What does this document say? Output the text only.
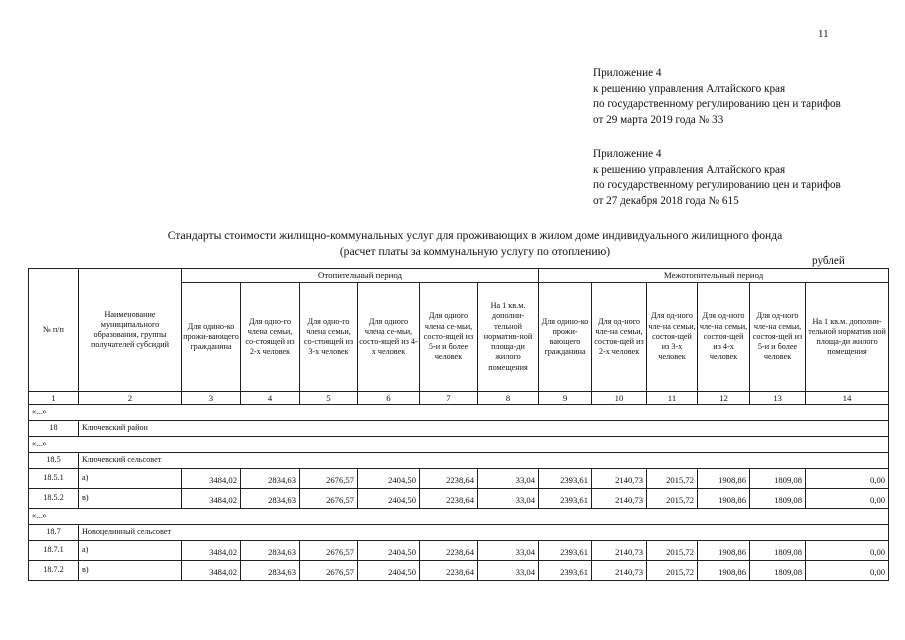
11
Приложение 4
к решению управления Алтайского края
по государственному регулированию цен и тарифов
от 29 марта 2019 года № 33
Приложение 4
к решению управления Алтайского края
по государственному регулированию цен и тарифов
от 27 декабря 2018 года № 615
Стандарты стоимости жилищно-коммунальных услуг для проживающих в жилом доме индивидуального жилищного фонда
(расчет платы за коммунальную услугу по отоплению)
рублей
№ п/п	Наименование муниципального образования, группы получателей субсидий	Отопительный период						Межотопительный период					
		Для одино-ко прожи-вающего гражданина	Для одно-го члена семьи, со-стоящей из 2-х человек	Для одно-го члена семьи, со-стоящей из 3-х человек	Для одного члена се-мьи, состо-ящей из 4-х человек	Для одного члена се-мьи, состо-ящей из 5-и и более человек	На 1 кв.м. дополни-тельной норматив-ной площа-ди жилого помещения	Для одино-ко прожи-вающего гражданина	Для од-ного чле-на семьи, состоя-щей из 2-х человек	Для од-ного чле-на семьи, состоя-щей из 3-х человек	Для од-ного чле-на семьи, состоя-щей из 4-х человек	Для од-ного чле-на семьи, состоя-щей из 5-и и более человек	На 1 кв.м. дополни-тельной норматив ной площа-ди жилого помещения
1	2	3	4	5	6	7	8	9	10	11	12	13	14
«...»													
18	Ключевский район												
«...»													
18.5	Ключевский сельсовет												
18.5.1	а)	3484,02	2834,63	2676,57	2404,50	2238,64	33,04	2393,61	2140,73	2015,72	1908,86	1809,08	0,00
18.5.2	в)	3484,02	2834,63	2676,57	2404,50	2238,64	33,04	2393,61	2140,73	2015,72	1908,86	1809,08	0,00
«...»													
18.7	Новоцелинный сельсовет												
18.7.1	а)	3484,02	2834,63	2676,57	2404,50	2238,64	33,04	2393,61	2140,73	2015,72	1908,86	1809,08	0,00
18.7.2	в)	3484,02	2834,63	2676,57	2404,50	2238,64	33,04	2393,61	2140,73	2015,72	1908,86	1809,08	0,00
